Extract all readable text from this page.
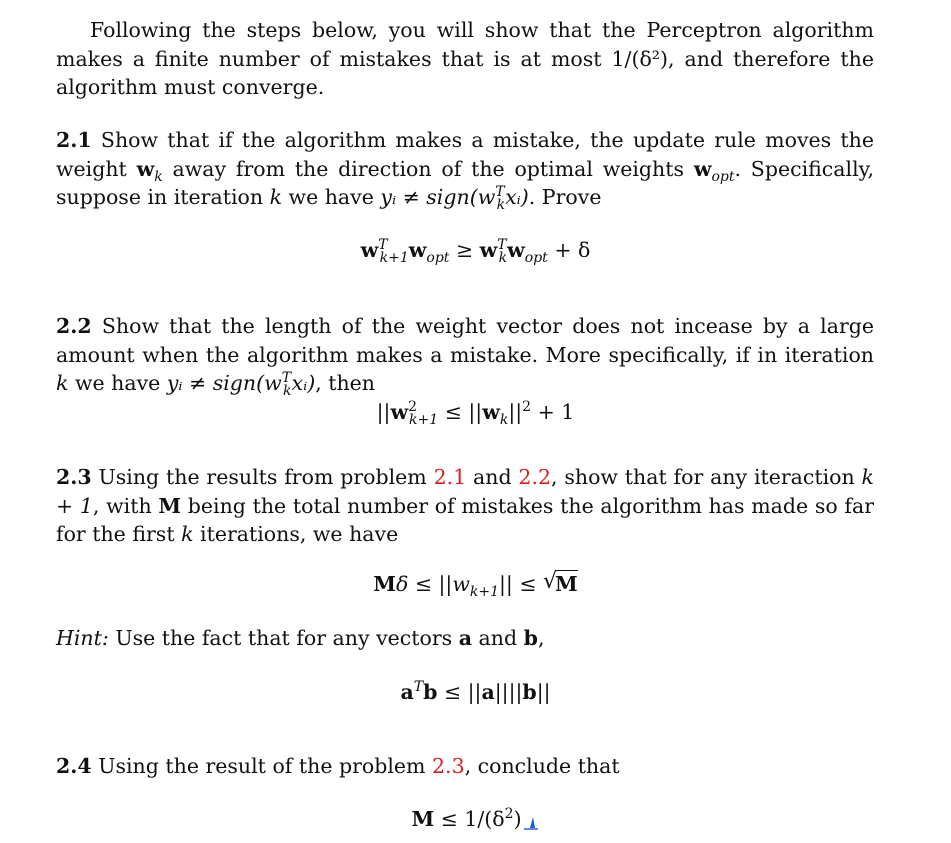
Following the steps below, you will show that the Perceptron algorithm makes a finite number of mistakes that is at most 1/(δ²), and therefore the algorithm must converge.

2.1 Show that if the algorithm makes a mistake, the update rule moves the weight $w_k$ away from the direction of the optimal weights $w_{opt}$. Specifically, suppose in iteration k we have yᵢ ≠ $sign(w^T_kxᵢ)$. Prove

$w^T_{k+1}w_{opt} \ge w^T_kw_{opt} + \delta$

2.2 Show that the length of the weight vector does not incease by a large amount when the algorithm makes a mistake. More specifically, if in iteration k we have yᵢ ≠ $sign(w^T_kxᵢ)$, then

$||w^2_{k+1} \le ||w_k||^2 + 1$

2.3 Using the results from problem 2.1 and 2.2, show that for any iteraction k + 1, with M being the total number of mistakes the algorithm has made so far for the first k iterations, we have

$M\delta \le ||w_{k+1}||$ ≤ √
M

Hint: Use the fact that for any vectors a and b,

$a^Tb \le ||a||||b||$

2.4 Using the result of the problem 2.3, conclude that

$M \le 1/(\delta^2)$
